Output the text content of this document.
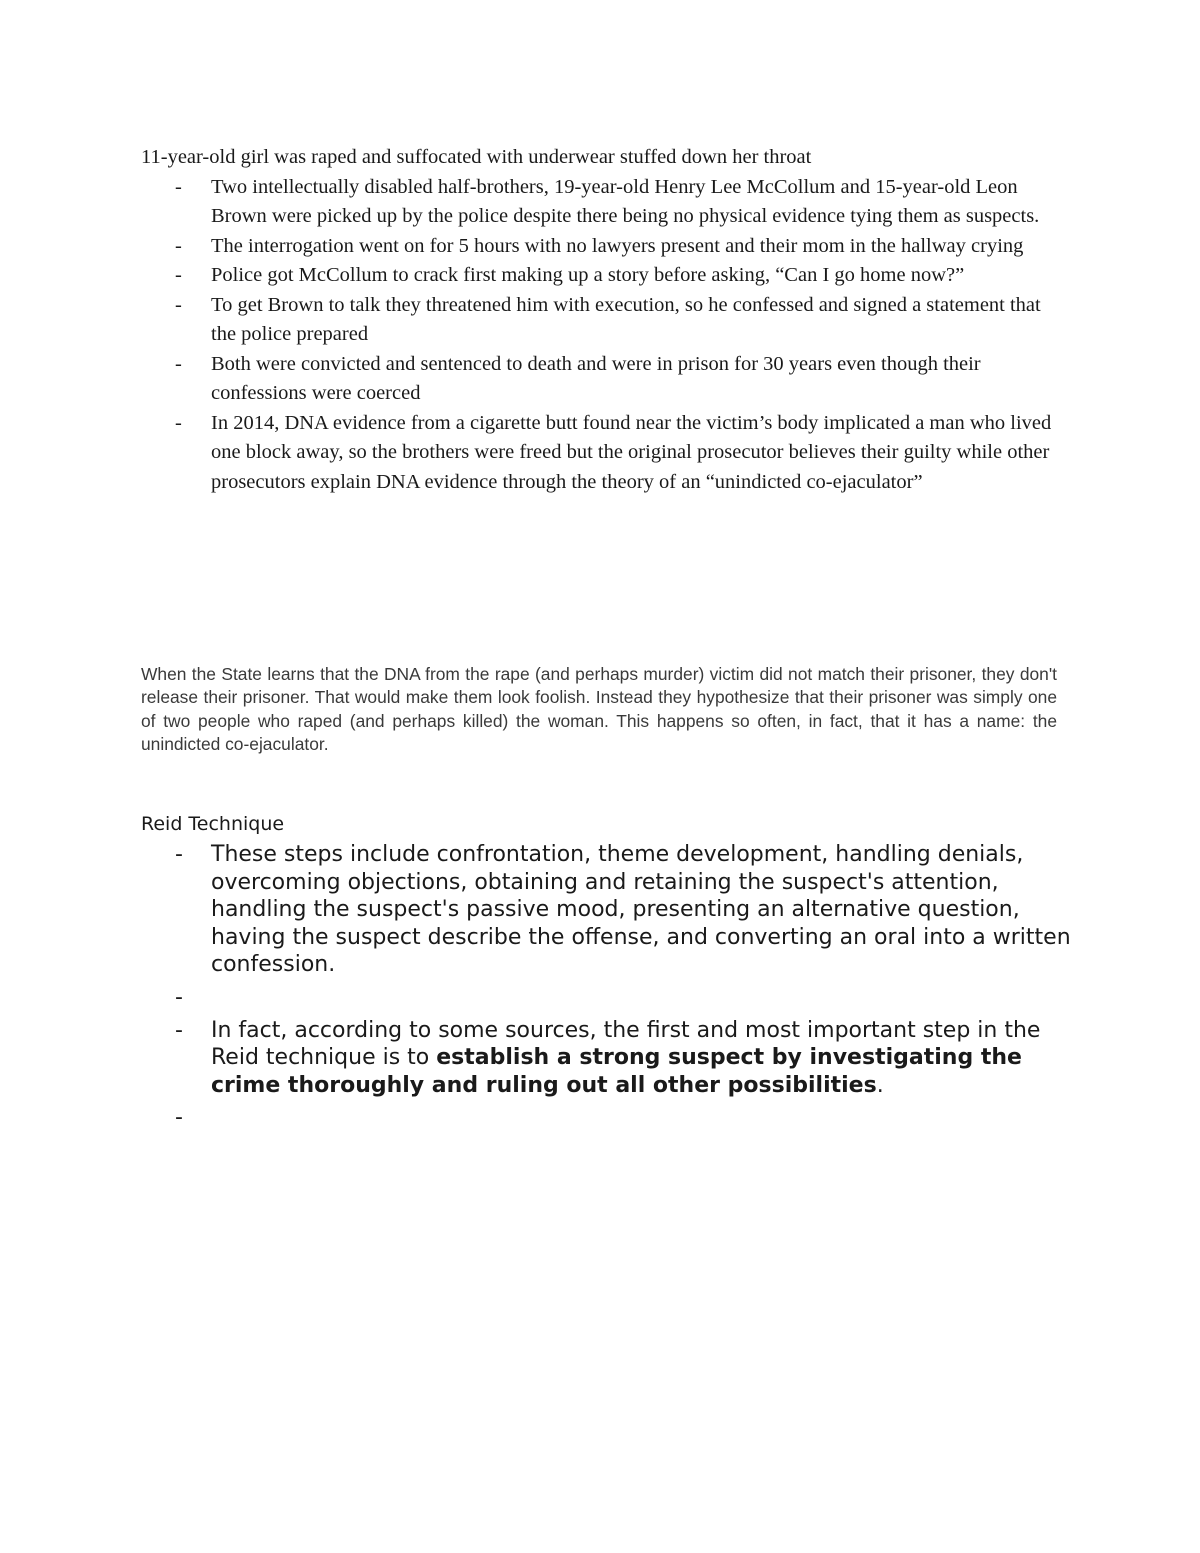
11-year-old girl was raped and suffocated with underwear stuffed down her throat

- Two intellectually disabled half-brothers, 19-year-old Henry Lee McCollum and 15-year-old Leon Brown were picked up by the police despite there being no physical evidence tying them as suspects.
- The interrogation went on for 5 hours with no lawyers present and their mom in the hallway crying
- Police got McCollum to crack first making up a story before asking, “Can I go home now?”
- To get Brown to talk they threatened him with execution, so he confessed and signed a statement that the police prepared
- Both were convicted and sentenced to death and were in prison for 30 years even though their confessions were coerced
- In 2014, DNA evidence from a cigarette butt found near the victim’s body implicated a man who lived one block away, so the brothers were freed but the original prosecutor believes their guilty while other prosecutors explain DNA evidence through the theory of an “unindicted co-ejaculator”

When the State learns that the DNA from the rape (and perhaps murder) victim did not match their prisoner, they don't release their prisoner. That would make them look foolish. Instead they hypothesize that their prisoner was simply one of two people who raped (and perhaps killed) the woman. This happens so often, in fact, that it has a name: the unindicted co-ejaculator.

Reid Technique
- These steps include confrontation, theme development, handling denials, overcoming objections, obtaining and retaining the suspect's attention, handling the suspect's passive mood, presenting an alternative question, having the suspect describe the offense, and converting an oral into a written confession.
-
- In fact, according to some sources, the first and most important step in the Reid technique is to establish a strong suspect by investigating the crime thoroughly and ruling out all other possibilities.
-
